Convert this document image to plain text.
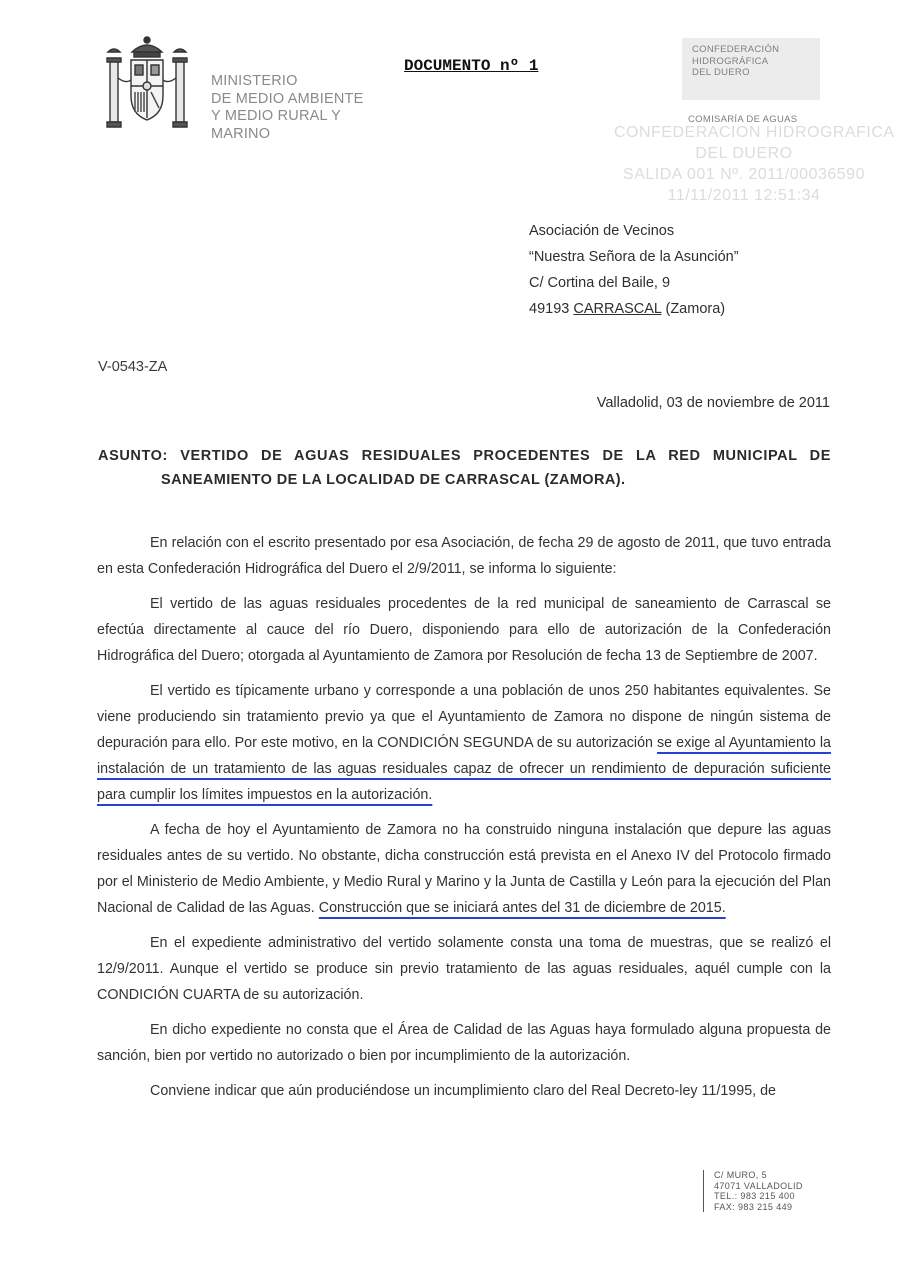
MINISTERIO
DE MEDIO AMBIENTE
Y MEDIO RURAL Y
MARINO
DOCUMENTO nº 1
CONFEDERACIÓN
HIDROGRÁFICA
DEL DUERO
COMISARÍA DE AGUAS
CONFEDERACION HIDROGRAFICA
DEL DUERO
SALIDA 001 Nº. 2011/00036590
11/11/2011 12:51:34
Asociación de Vecinos
“Nuestra Señora de la Asunción”
C/ Cortina del Baile, 9
49193 CARRASCAL (Zamora)
V-0543-ZA
Valladolid, 03 de noviembre de 2011
ASUNTO: VERTIDO DE AGUAS RESIDUALES PROCEDENTES DE LA RED MUNICIPAL DE
SANEAMIENTO DE LA LOCALIDAD DE CARRASCAL (ZAMORA).

En relación con el escrito presentado por esa Asociación, de fecha 29 de agosto de 2011, que tuvo entrada en esta Confederación Hidrográfica del Duero el 2/9/2011, se informa lo siguiente:

El vertido de las aguas residuales procedentes de la red municipal de saneamiento de Carrascal se efectúa directamente al cauce del río Duero, disponiendo para ello de autorización de la Confederación Hidrográfica del Duero; otorgada al Ayuntamiento de Zamora por Resolución de fecha 13 de Septiembre de 2007.

El vertido es típicamente urbano y corresponde a una población de unos 250 habitantes equivalentes. Se viene produciendo sin tratamiento previo ya que el Ayuntamiento de Zamora no dispone de ningún sistema de depuración para ello. Por este motivo, en la CONDICIÓN SEGUNDA de su autorización se exige al Ayuntamiento la instalación de un tratamiento de las aguas residuales capaz de ofrecer un rendimiento de depuración suficiente para cumplir los límites impuestos en la autorización.

A fecha de hoy el Ayuntamiento de Zamora no ha construido ninguna instalación que depure las aguas residuales antes de su vertido. No obstante, dicha construcción está prevista en el Anexo IV del Protocolo firmado por el Ministerio de Medio Ambiente, y Medio Rural y Marino y la Junta de Castilla y León para la ejecución del Plan Nacional de Calidad de las Aguas. Construcción que se iniciará antes del 31 de diciembre de 2015.

En el expediente administrativo del vertido solamente consta una toma de muestras, que se realizó el 12/9/2011. Aunque el vertido se produce sin previo tratamiento de las aguas residuales, aquél cumple con la CONDICIÓN CUARTA de su autorización.

En dicho expediente no consta que el Área de Calidad de las Aguas haya formulado alguna propuesta de sanción, bien por vertido no autorizado o bien por incumplimiento de la autorización.

Conviene indicar que aún produciéndose un incumplimiento claro del Real Decreto-ley 11/1995, de

C/ MURO, 5
47071 VALLADOLID
TEL.: 983 215 400
FAX: 983 215 449
